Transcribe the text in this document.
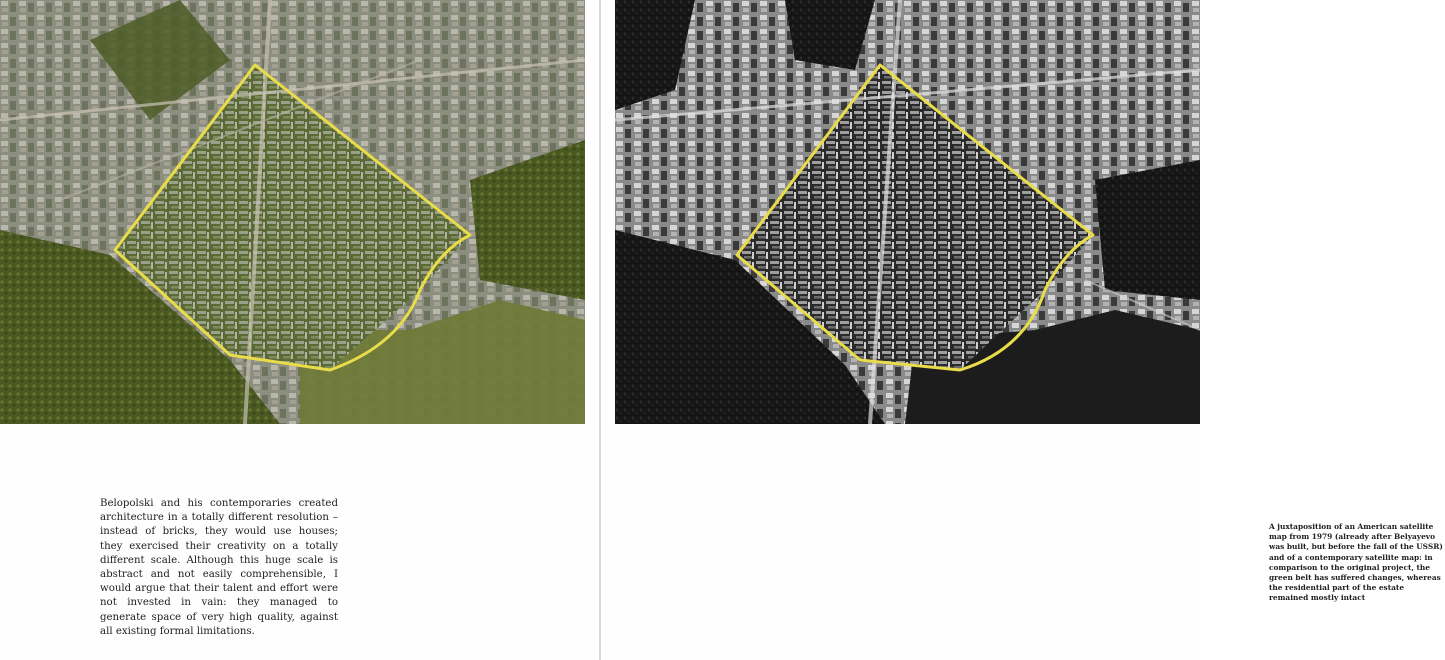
Belopolski and his contemporaries created architecture in a totally different resolution – instead of bricks, they would use houses; they exercised their creativity on a totally different scale. Although this huge scale is abstract and not easily comprehensible, I would argue that their talent and effort were not invested in vain: they managed to generate space of very high quality, against all existing formal limitations.

A juxtaposition of an American satellite map from 1979 (already after Belyayevo was built, but before the fall of the USSR) and of a contemporary satellite map: in comparison to the original project, the green belt has suffered changes, whereas the residential part of the estate remained mostly intact
